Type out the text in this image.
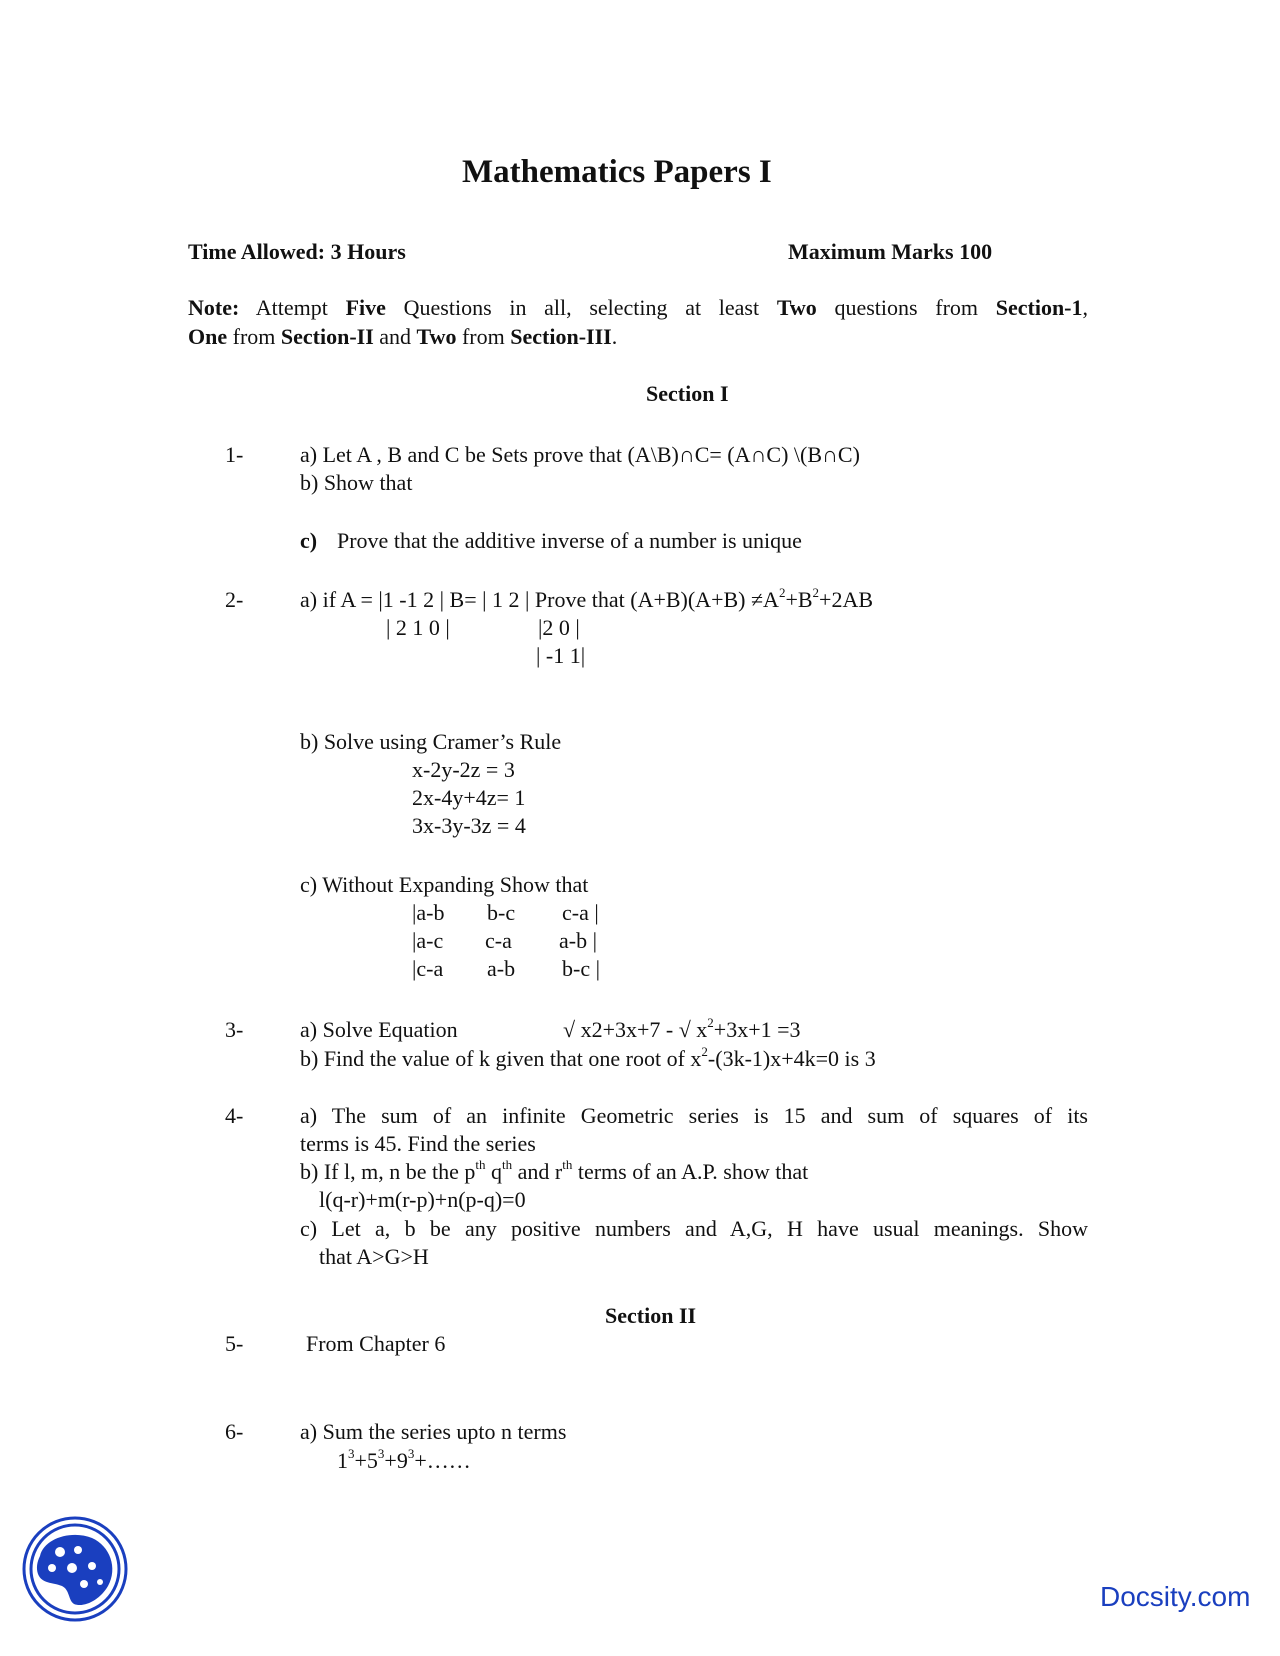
Mathematics Papers I
Time Allowed: 3 Hours	Maximum Marks 100
Note: Attempt Five Questions in all, selecting at least Two questions from Section-1,
One from Section-II and Two from Section-III.
Section I
1-	a) Let A , B and C be Sets prove that (A\B)∩C= (A∩C) \(B∩C)
b) Show that
c) Prove that the additive inverse of a number is unique
2-	a) if A = |1 -1 2 | B= | 1 2 | Prove that $(A+B)(A+B) \ne A^2+B^2+2AB$
| 2 1 0 |	|2 0 |
| -1 1|
b) Solve using Cramer’s Rule
x-2y-2z = 3
2x-4y+4z= 1
3x-3y-3z = 4
c) Without Expanding Show that
|a-b b-c c-a |
|a-c c-a a-b |
|c-a a-b b-c |
3-	a) Solve Equation	√ x2+3x+7 - √ $x^2+3x+1 =3$
b) Find the value of k given that one root of $x^2-(3k-1)x+4k=0$ is 3
4-	a) The sum of an infinite Geometric series is 15 and sum of squares of its
terms is 45. Find the series
b) If l, m, n be the $p^{th}$ $q^{th}$ and $r^{th}$ terms of an A.P. show that
l(q-r)+m(r-p)+n(p-q)=0
c) Let a, b be any positive numbers and A,G, H have usual meanings. Show
that A>G>H
Section II
5-	From Chapter 6
6-	a) Sum the series upto n terms
$1^3+5^3+9^3+\dots\dots$
Docsity.com
